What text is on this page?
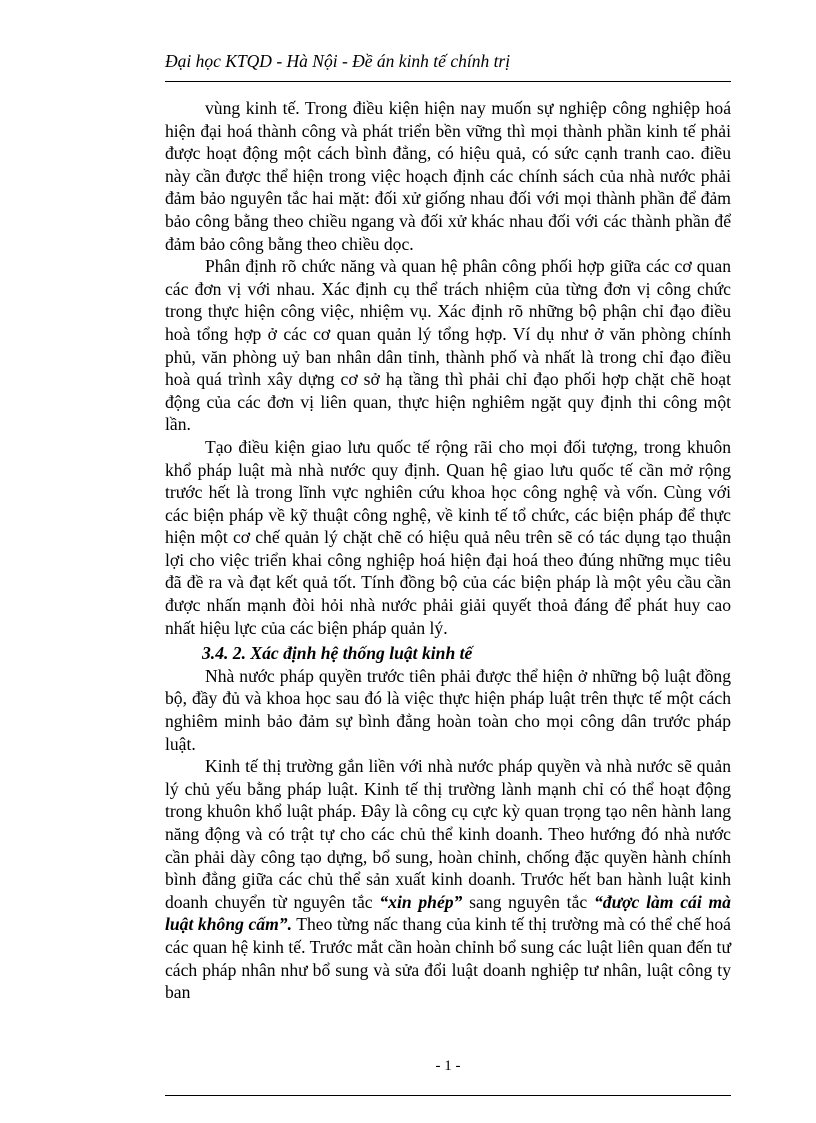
Đại học KTQD - Hà Nội - Đề án kinh tế chính trị

vùng kinh tế. Trong điều kiện hiện nay muốn sự nghiệp công nghiệp hoá hiện đại hoá thành công và phát triển bền vững thì mọi thành phần kinh tế phải được hoạt động một cách bình đẳng, có hiệu quả, có sức cạnh tranh cao. điều này cần được thể hiện trong việc hoạch định các chính sách của nhà nước phải đảm bảo nguyên tắc hai mặt: đối xử giống nhau đối với mọi thành phần để đảm bảo công bằng theo chiều ngang và đối xử khác nhau đối với các thành phần để đảm bảo công bằng theo chiều dọc.

Phân định rõ chức năng và quan hệ phân công phối hợp giữa các cơ quan các đơn vị với nhau. Xác định cụ thể trách nhiệm của từng đơn vị công chức trong thực hiện công việc, nhiệm vụ. Xác định rõ những bộ phận chỉ đạo điều hoà tổng hợp ở các cơ quan quản lý tổng hợp. Ví dụ như ở văn phòng chính phủ, văn phòng uỷ ban nhân dân tỉnh, thành phố và nhất là trong chỉ đạo điều hoà quá trình xây dựng cơ sở hạ tầng thì phải chỉ đạo phối hợp chặt chẽ hoạt động của các đơn vị liên quan, thực hiện nghiêm ngặt quy định thi công một lần.

Tạo điều kiện giao lưu quốc tế rộng rãi cho mọi đối tượng, trong khuôn khổ pháp luật mà nhà nước quy định. Quan hệ giao lưu quốc tế cần mở rộng trước hết là trong lĩnh vực nghiên cứu khoa học công nghệ và vốn. Cùng với các biện pháp về kỹ thuật công nghệ, về kinh tế tổ chức, các biện pháp để thực hiện một cơ chế quản lý chặt chẽ có hiệu quả nêu trên sẽ có tác dụng tạo thuận lợi cho việc triển khai công nghiệp hoá hiện đại hoá theo đúng những mục tiêu đã đề ra và đạt kết quả tốt. Tính đồng bộ của các biện pháp là một yêu cầu cần được nhấn mạnh đòi hỏi nhà nước phải giải quyết thoả đáng để phát huy cao nhất hiệu lực của các biện pháp quản lý.

3.4. 2. Xác định hệ thống luật kinh tế

Nhà nước pháp quyền trước tiên phải được thể hiện ở những bộ luật đồng bộ, đầy đủ và khoa học sau đó là việc thực hiện pháp luật trên thực tế một cách nghiêm minh bảo đảm sự bình đẳng hoàn toàn cho mọi công dân trước pháp luật.

Kinh tế thị trường gắn liền với nhà nước pháp quyền và nhà nước sẽ quản lý chủ yếu bằng pháp luật. Kinh tế thị trường lành mạnh chỉ có thể hoạt động trong khuôn khổ luật pháp. Đây là công cụ cực kỳ quan trọng tạo nên hành lang năng động và có trật tự cho các chủ thể kinh doanh. Theo hướng đó nhà nước cần phải dày công tạo dựng, bổ sung, hoàn chỉnh, chống đặc quyền hành chính bình đẳng giữa các chủ thể sản xuất kinh doanh. Trước hết ban hành luật kinh doanh chuyển từ nguyên tắc “xin phép” sang nguyên tắc “được làm cái mà luật không cấm”. Theo từng nấc thang của kinh tế thị trường mà có thể chế hoá các quan hệ kinh tế. Trước mắt cần hoàn chỉnh bổ sung các luật liên quan đến tư cách pháp nhân như bổ sung và sửa đổi luật doanh nghiệp tư nhân, luật công ty ban

- 1 -
